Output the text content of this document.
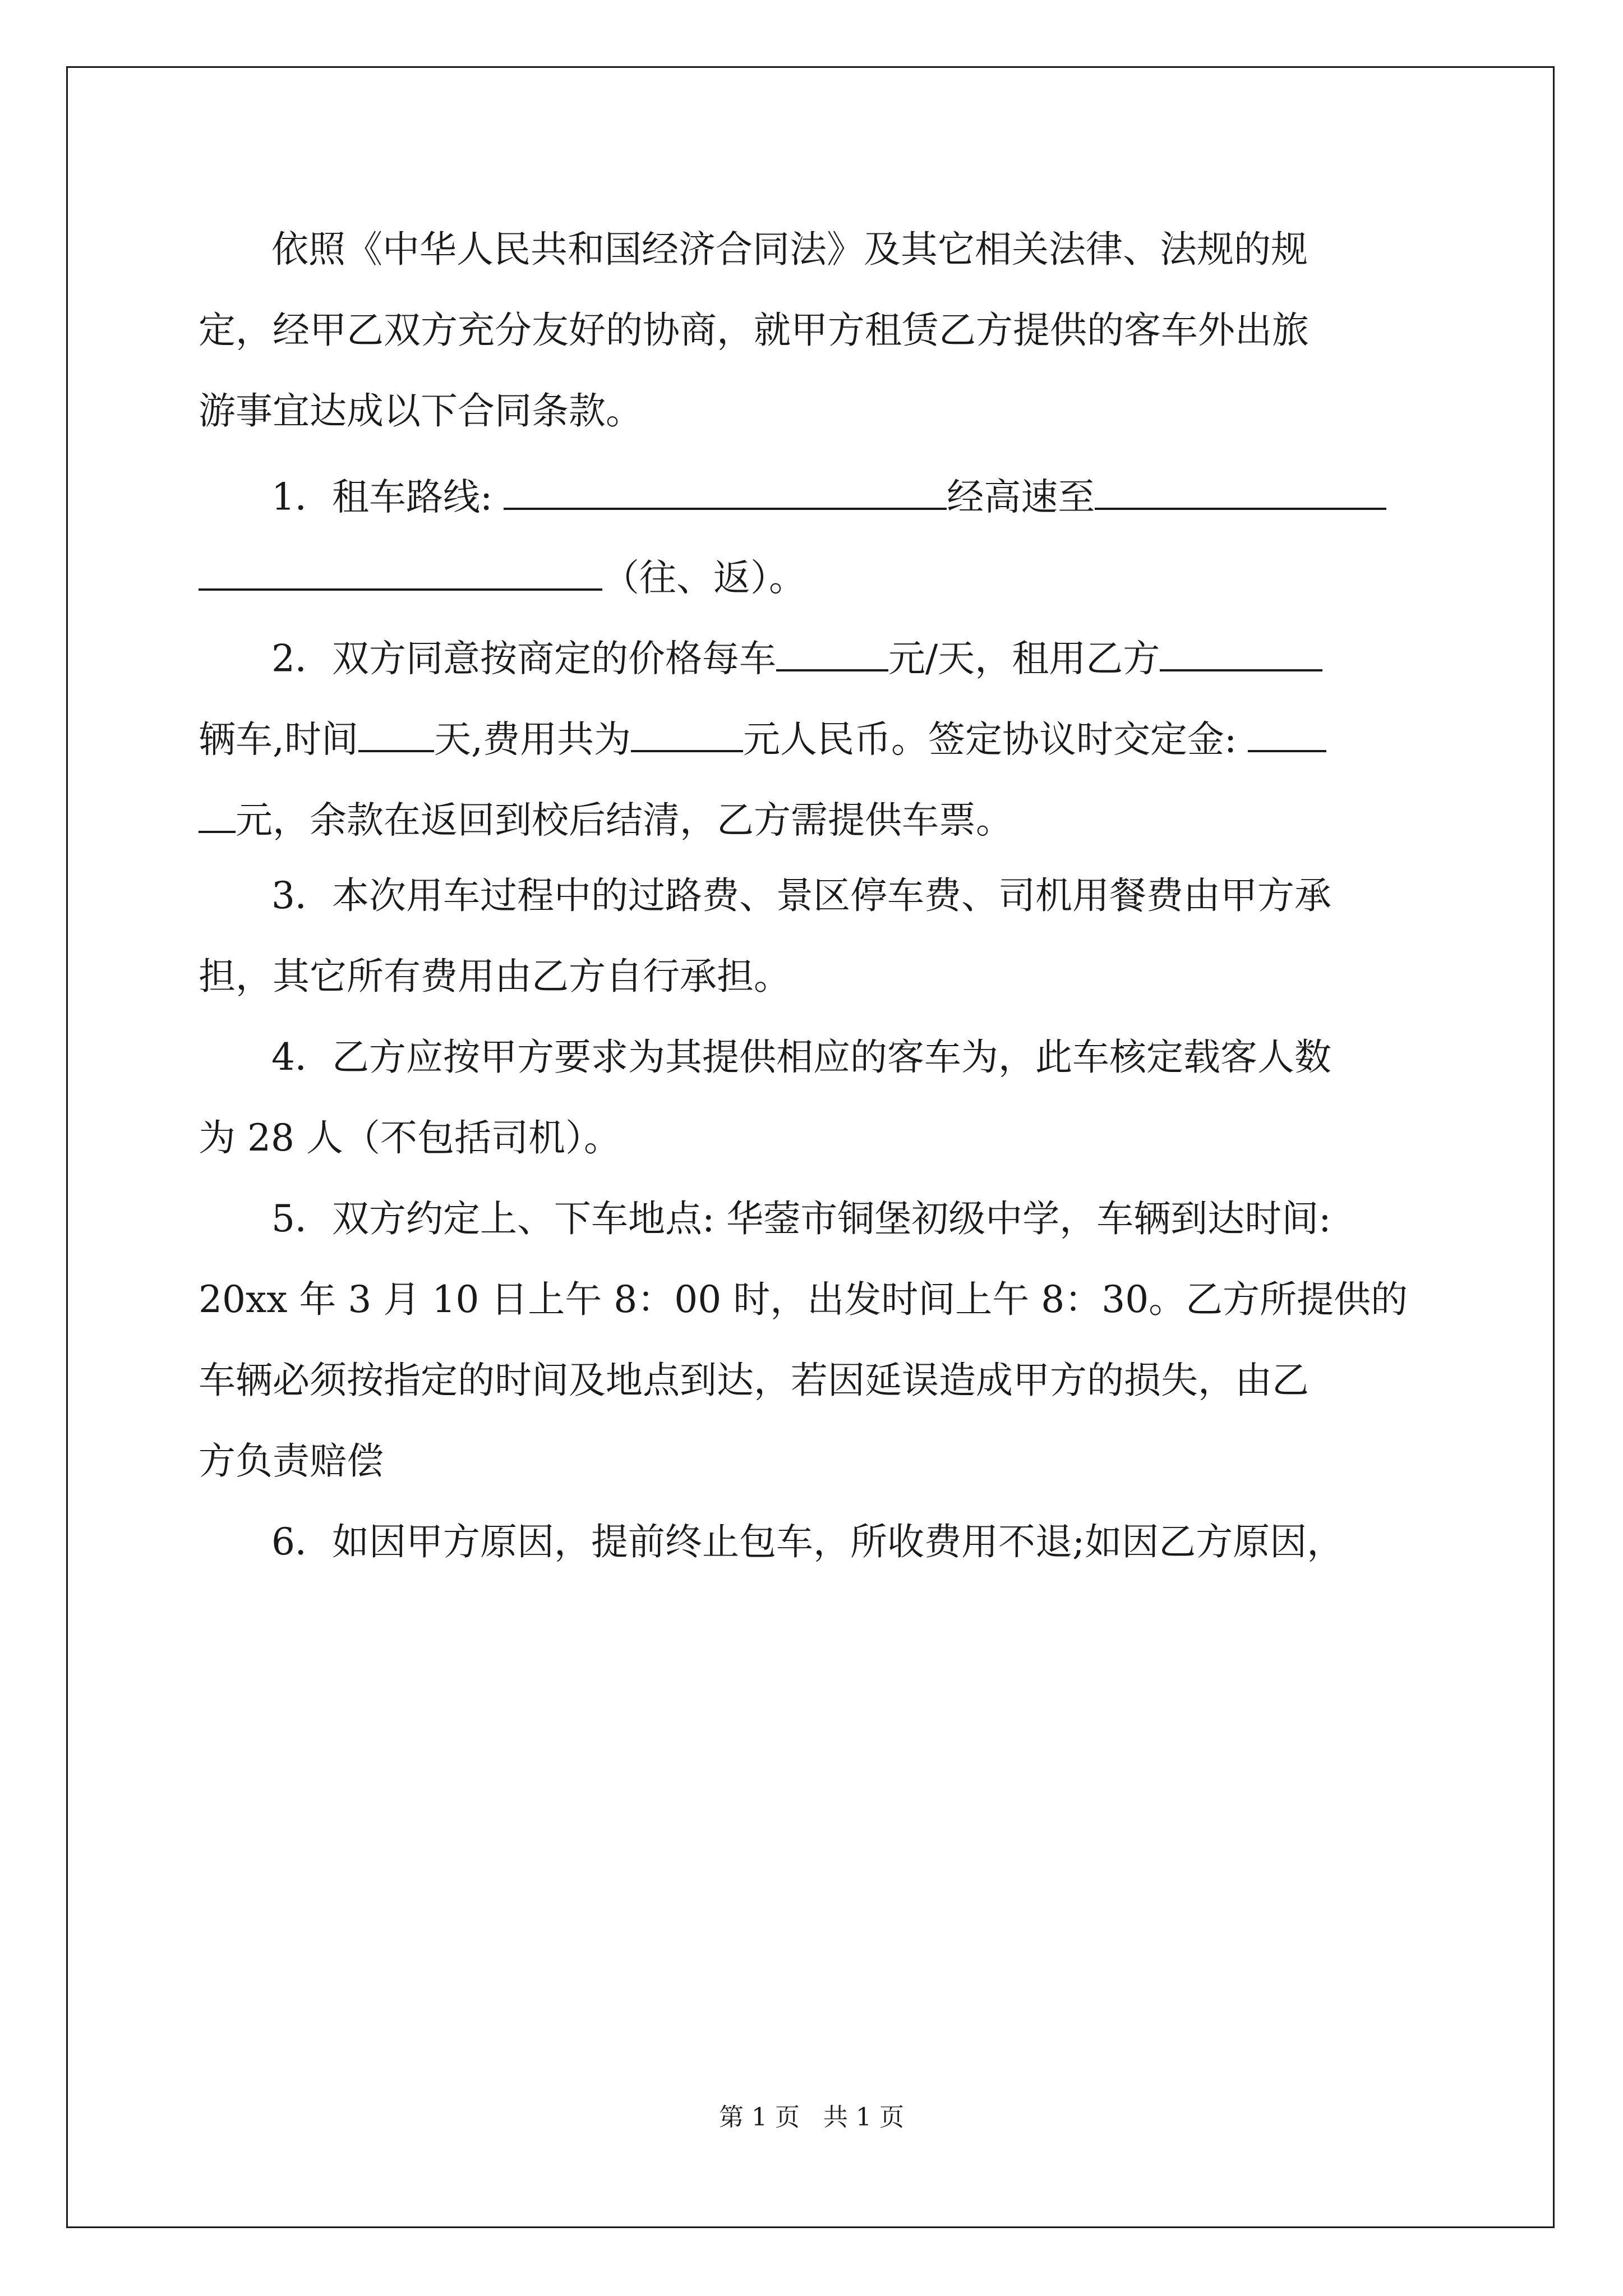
依照《中华人民共和国经济合同法》及其它相关法律、法规的规
定，经甲乙双方充分友好的协商，就甲方租赁乙方提供的客车外出旅
游事宜达成以下合同条款。
1．租车路线:	经高速至
（往、返）。
2．双方同意按商定的价格每车	元/天，租用乙方
辆车,时间 天,费用共为	元人民币。签定协议时交定金:
元，余款在返回到校后结清，乙方需提供车票。
3．本次用车过程中的过路费、景区停车费、司机用餐费由甲方承
担，其它所有费用由乙方自行承担。
4．乙方应按甲方要求为其提供相应的客车为，此车核定载客人数
为 28 人（不包括司机）。
5．双方约定上、下车地点: 华蓥市铜堡初级中学，车辆到达时间:
20xx 年 3 月 10 日上午 8：00 时，出发时间上午 8：30。乙方所提供的
车辆必须按指定的时间及地点到达，若因延误造成甲方的损失，由乙
方负责赔偿
6．如因甲方原因，提前终止包车，所收费用不退;如因乙方原因，
第 1 页 共 1 页
